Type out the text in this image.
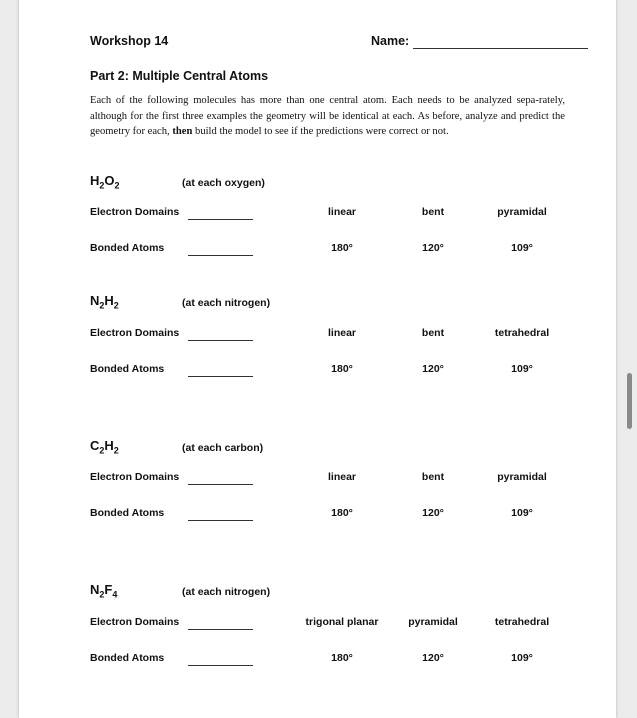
Workshop 14	Name:
Part 2: Multiple Central Atoms
Each of the following molecules has more than one central atom. Each needs to be analyzed sepa-rately, although for the first three examples the geometry will be identical at each. As before, analyze and predict the geometry for each, then build the model to see if the predictions were correct or not.
$H_2O_2$	(at each oxygen)
Electron Domains	linear	bent	pyramidal
Bonded Atoms	180°	120°	109°
$N_2H_2$	(at each nitrogen)
Electron Domains	linear	bent	tetrahedral
Bonded Atoms	180°	120°	109°
$C_2H_2$	(at each carbon)
Electron Domains	linear	bent	pyramidal
Bonded Atoms	180°	120°	109°
$N_2F_4$	(at each nitrogen)
Electron Domains	trigonal planar	pyramidal	tetrahedral
Bonded Atoms	180°	120°	109°
